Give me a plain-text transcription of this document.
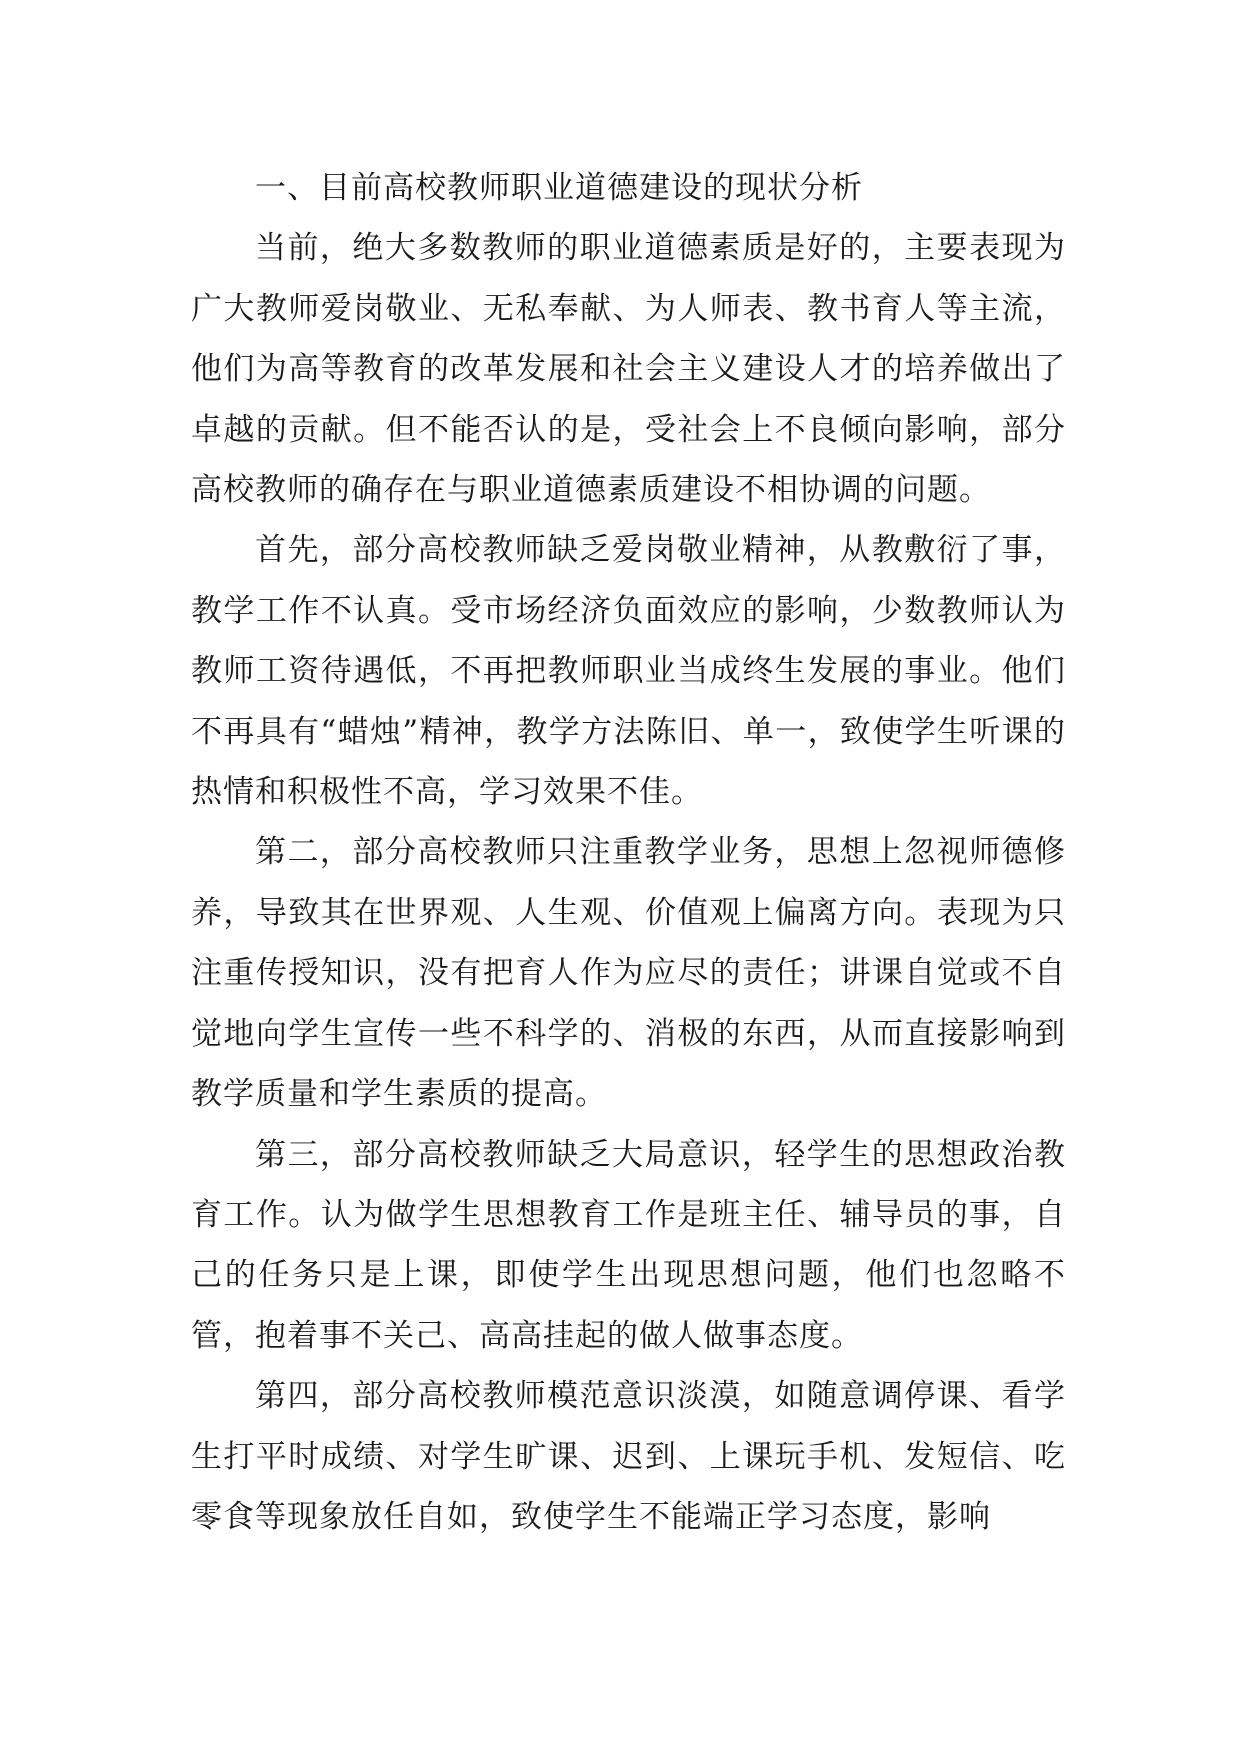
一、目前高校教师职业道德建设的现状分析

当前，绝大多数教师的职业道德素质是好的，主要表现为广大教师爱岗敬业、无私奉献、为人师表、教书育人等主流，他们为高等教育的改革发展和社会主义建设人才的培养做出了卓越的贡献。但不能否认的是，受社会上不良倾向影响，部分高校教师的确存在与职业道德素质建设不相协调的问题。

首先，部分高校教师缺乏爱岗敬业精神，从教敷衍了事，教学工作不认真。受市场经济负面效应的影响，少数教师认为教师工资待遇低，不再把教师职业当成终生发展的事业。他们不再具有“蜡烛”精神，教学方法陈旧、单一，致使学生听课的热情和积极性不高，学习效果不佳。

第二，部分高校教师只注重教学业务，思想上忽视师德修养，导致其在世界观、人生观、价值观上偏离方向。表现为只注重传授知识，没有把育人作为应尽的责任；讲课自觉或不自觉地向学生宣传一些不科学的、消极的东西，从而直接影响到教学质量和学生素质的提高。

第三，部分高校教师缺乏大局意识，轻学生的思想政治教育工作。认为做学生思想教育工作是班主任、辅导员的事，自己的任务只是上课，即使学生出现思想问题，他们也忽略不管，抱着事不关己、高高挂起的做人做事态度。

第四，部分高校教师模范意识淡漠，如随意调停课、看学生打平时成绩、对学生旷课、迟到、上课玩手机、发短信、吃零食等现象放任自如，致使学生不能端正学习态度，影响
